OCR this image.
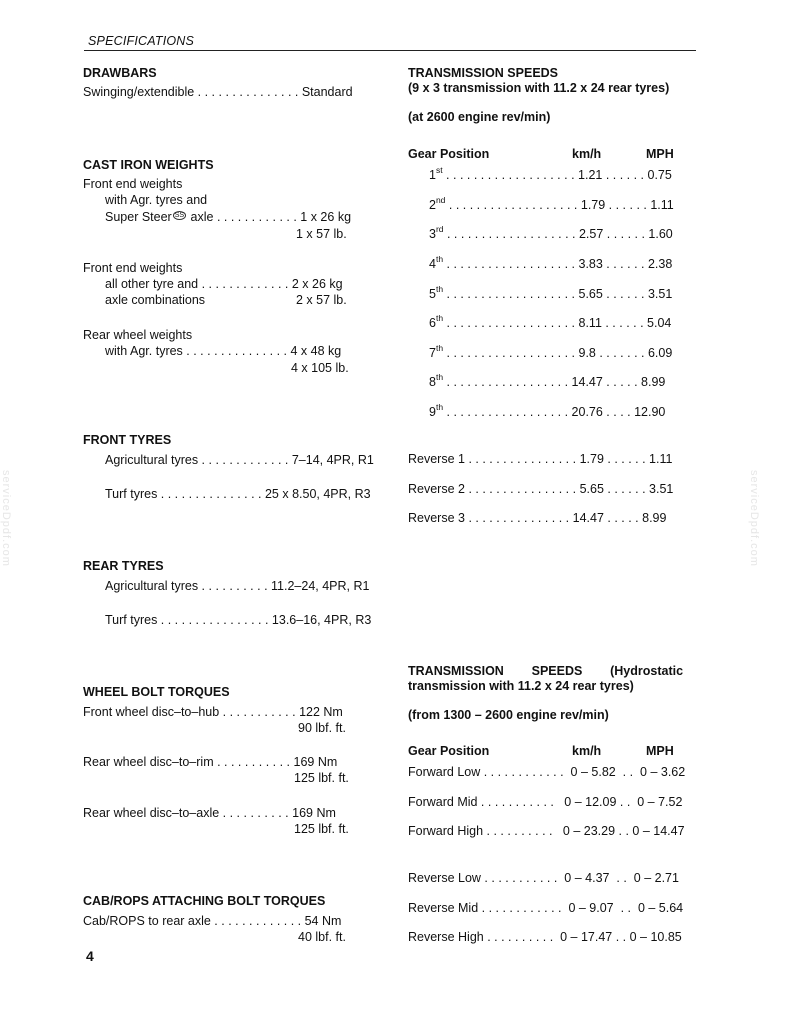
SPECIFICATIONS
serviceDpdf.com	serviceDpdf.com
DRAWBARS
Swinging/extendible . . . . . . . . . . . . . . . Standard
CAST IRON WEIGHTS
Front end weights
with Agr. tyres and
Super Steer $^{SS}$ axle . . . . . . . . . . . . 1 x 26 kg
1 x 57 lb.
Front end weights
all other tyre and . . . . . . . . . . . . . 2 x 26 kg
axle combinations	2 x 57 lb.
Rear wheel weights
with Agr. tyres . . . . . . . . . . . . . . . 4 x 48 kg
4 x 105 lb.
FRONT TYRES
Agricultural tyres . . . . . . . . . . . . . 7–14, 4PR, R1
Turf tyres . . . . . . . . . . . . . . . 25 x 8.50, 4PR, R3
REAR TYRES
Agricultural tyres . . . . . . . . . . 11.2–24, 4PR, R1
Turf tyres . . . . . . . . . . . . . . . . 13.6–16, 4PR, R3
WHEEL BOLT TORQUES
Front wheel disc–to–hub . . . . . . . . . . . 122 Nm
90 lbf. ft.
Rear wheel disc–to–rim . . . . . . . . . . . 169 Nm
125 lbf. ft.
Rear wheel disc–to–axle . . . . . . . . . . 169 Nm
125 lbf. ft.
CAB/ROPS ATTACHING BOLT TORQUES
Cab/ROPS to rear axle . . . . . . . . . . . . . 54 Nm
40 lbf. ft.
4
TRANSMISSION SPEEDS
(9 x 3 transmission with 11.2 x 24 rear tyres)
(at 2600 engine rev/min)
Gear Position	km/h	MPH
1st . . . . . . . . . . . . . . . . . . . 1.21 . . . . . . 0.75
2nd . . . . . . . . . . . . . . . . . . . 1.79 . . . . . . 1.11
3rd . . . . . . . . . . . . . . . . . . . 2.57 . . . . . . 1.60
4th . . . . . . . . . . . . . . . . . . . 3.83 . . . . . . 2.38
5th . . . . . . . . . . . . . . . . . . . 5.65 . . . . . . 3.51
6th . . . . . . . . . . . . . . . . . . . 8.11 . . . . . . 5.04
7th . . . . . . . . . . . . . . . . . . . 9.8 . . . . . . . 6.09
8th . . . . . . . . . . . . . . . . . . 14.47 . . . . . 8.99
9th . . . . . . . . . . . . . . . . . . 20.76 . . . . 12.90
Reverse 1 . . . . . . . . . . . . . . . . 1.79 . . . . . . 1.11
Reverse 2 . . . . . . . . . . . . . . . . 5.65 . . . . . . 3.51
Reverse 3 . . . . . . . . . . . . . . . 14.47 . . . . . 8.99
TRANSMISSION        SPEEDS        (Hydrostatic
transmission with 11.2 x 24 rear tyres)
(from 1300 – 2600 engine rev/min)
Gear Position	km/h	MPH
Forward Low . . . . . . . . . . . .  0 – 5.82  . .  0 – 3.62
Forward Mid . . . . . . . . . . .   0 – 12.09 . .  0 – 7.52
Forward High . . . . . . . . . .   0 – 23.29 . . 0 – 14.47
Reverse Low . . . . . . . . . . .  0 – 4.37  . .  0 – 2.71
Reverse Mid . . . . . . . . . . . .  0 – 9.07  . .  0 – 5.64
Reverse High . . . . . . . . . .  0 – 17.47 . . 0 – 10.85
